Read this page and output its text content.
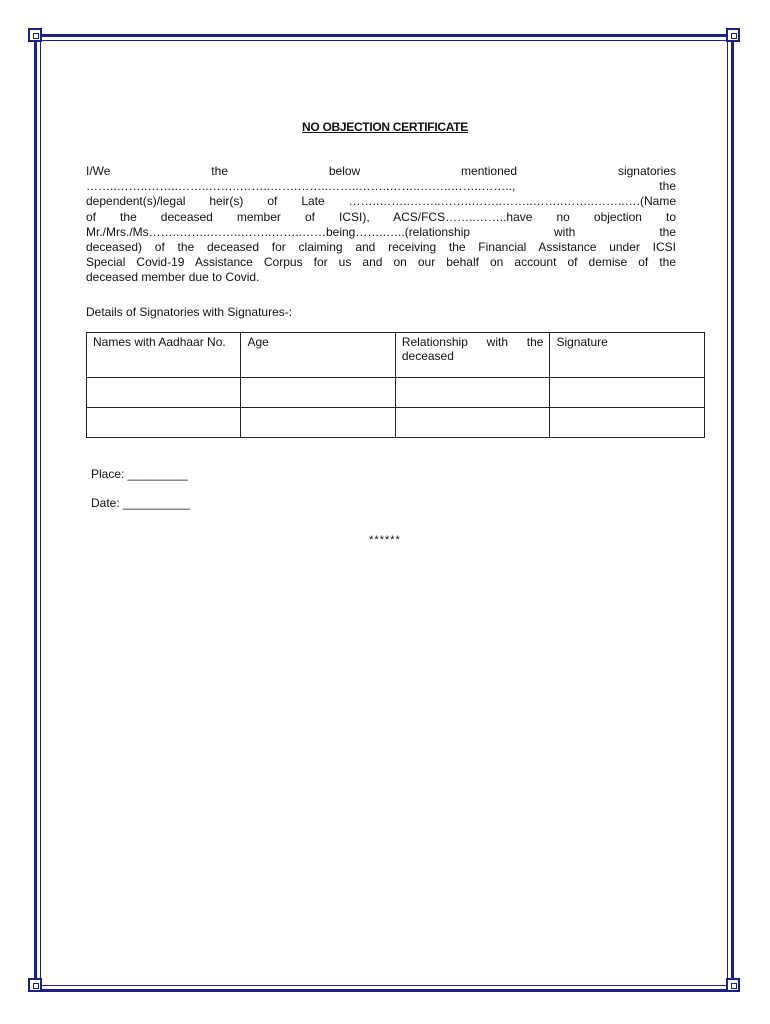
NO OBJECTION CERTIFICATE
I/We the below mentioned signatories
……..……..……..……..……..……..…….……..……..……..……..……..……..…….., the
dependent(s)/legal heir(s) of Late ……..……..……..……..……..……..……..……..……..….(Name
of the deceased member of ICSI), ACS/FCS……..……..have no objection to
Mr./Mrs./Ms……..……..……..……..……..……being……..…..(relationship with the
deceased) of the deceased for claiming and receiving the Financial Assistance under ICSI
Special Covid-19 Assistance Corpus for us and on our behalf on account of demise of the
deceased member due to Covid.
Details of Signatories with Signatures-:
Names with Aadhaar No.	Age	Relationship with the deceased	Signature

Place: _________
Date: __________
******
